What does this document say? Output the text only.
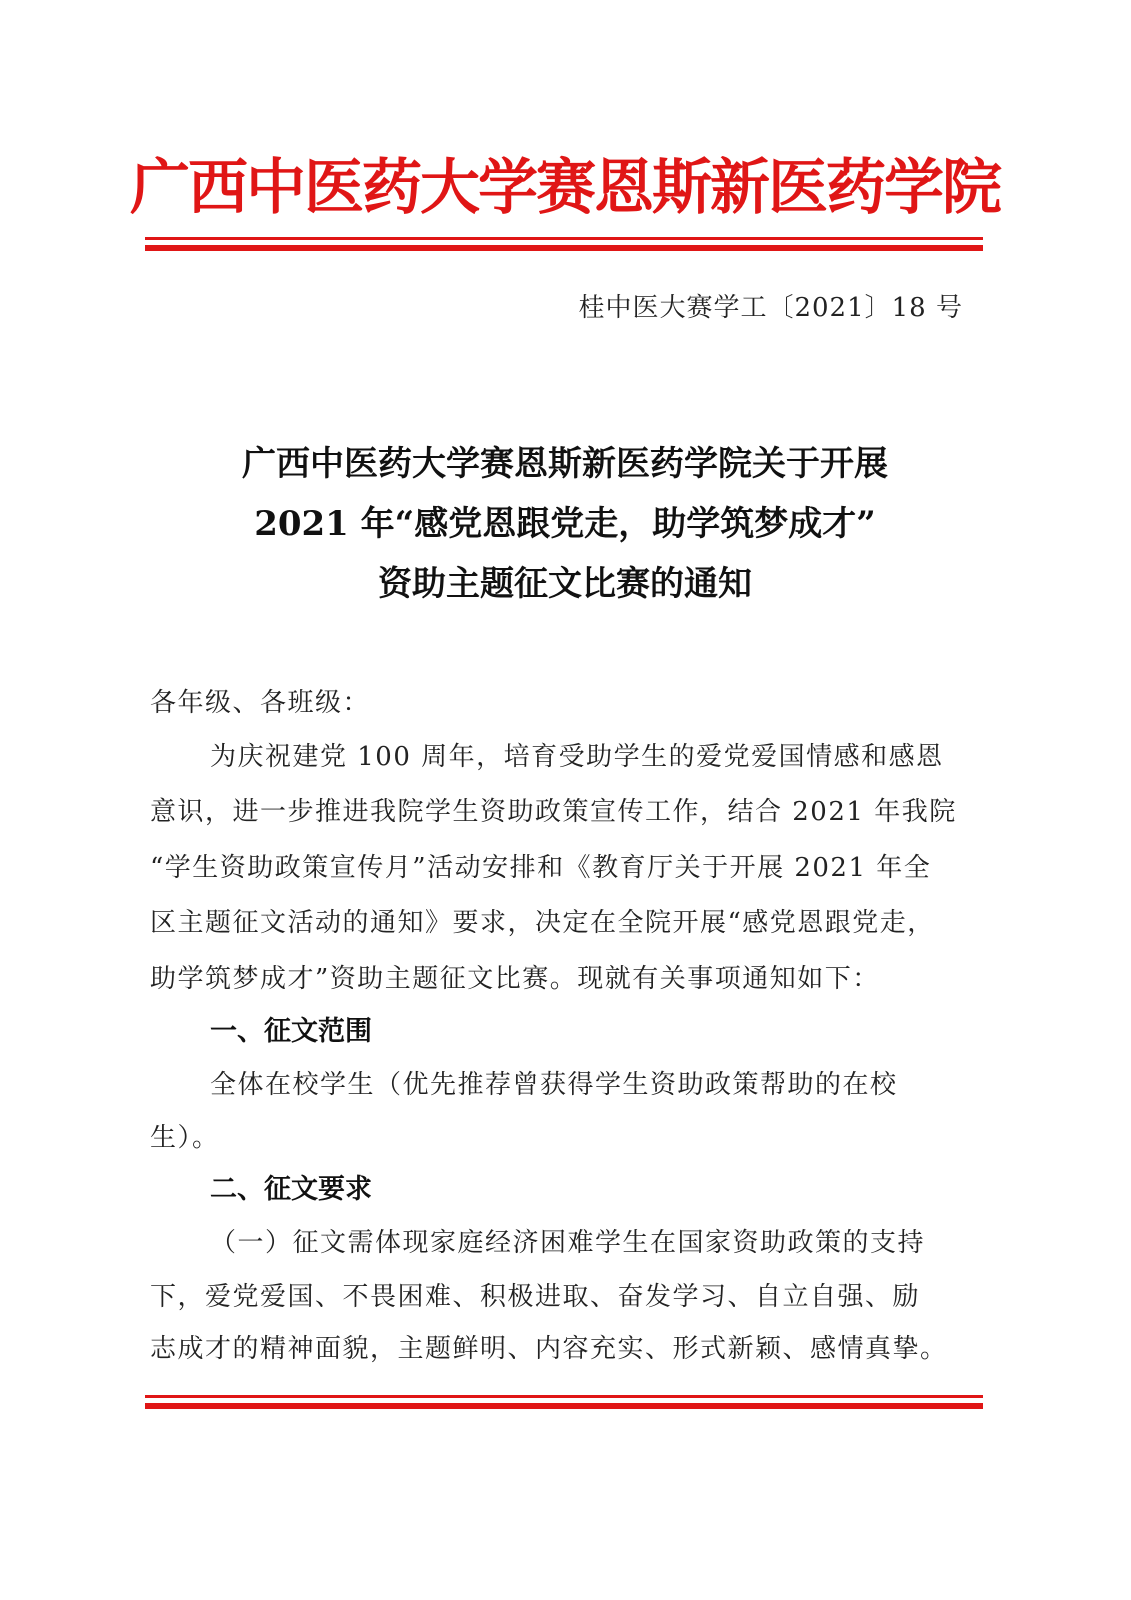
广西中医药大学赛恩斯新医药学院
桂中医大赛学工〔2021〕18 号
广西中医药大学赛恩斯新医药学院关于开展
2021 年“感党恩跟党走，助学筑梦成才”
资助主题征文比赛的通知
各年级、各班级：
为庆祝建党 100 周年，培育受助学生的爱党爱国情感和感恩
意识，进一步推进我院学生资助政策宣传工作，结合 2021 年我院
“学生资助政策宣传月”活动安排和《教育厅关于开展 2021 年全
区主题征文活动的通知》要求，决定在全院开展“感党恩跟党走，
助学筑梦成才”资助主题征文比赛。现就有关事项通知如下：
一、征文范围
全体在校学生（优先推荐曾获得学生资助政策帮助的在校
生）。
二、征文要求
（一）征文需体现家庭经济困难学生在国家资助政策的支持
下，爱党爱国、不畏困难、积极进取、奋发学习、自立自强、励
志成才的精神面貌，主题鲜明、内容充实、形式新颖、感情真挚。
